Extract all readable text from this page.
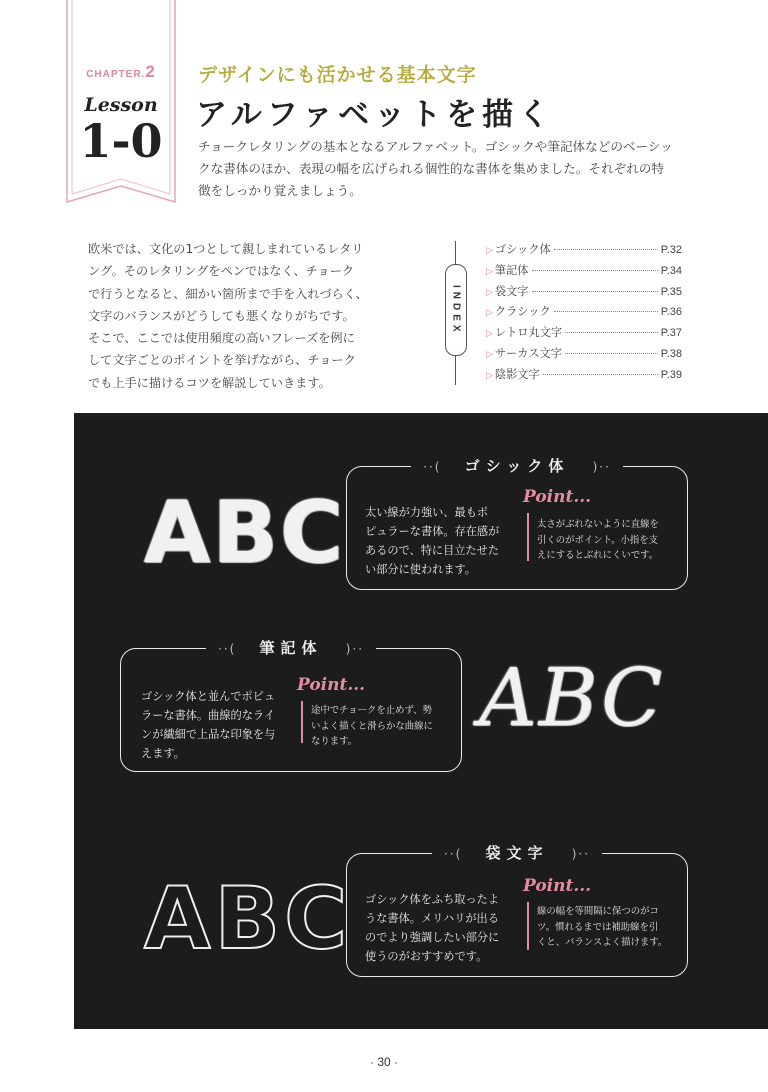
CHAPTER.2
Lesson
1-0
デザインにも活かせる基本文字
アルファベットを描く
チョークレタリングの基本となるアルファベット。ゴシックや筆記体などのベーシッ
クな書体のほか、表現の幅を広げられる個性的な書体を集めました。それぞれの特
徴をしっかり覚えましょう。
欧米では、文化の1つとして親しまれているレタリ
ング。そのレタリングをペンではなく、チョーク
で行うとなると、細かい箇所まで手を入れづらく、
文字のバランスがどうしても悪くなりがちです。
そこで、ここでは使用頻度の高いフレーズを例に
して文字ごとのポイントを挙げながら、チョーク
でも上手に描けるコツを解説していきます。
INDEX
▷ ゴシック体	P.32
▷ 筆記体	P.34
▷ 袋文字	P.35
▷ クラシック	P.36
▷ レトロ丸文字	P.37
▷ サーカス文字	P.38
▷ 陰影文字	P.39
ABC
··( ゴシック体 )··
太い線が力強い、最もポ
ピュラーな書体。存在感が
あるので、特に目立たせた
い部分に使われます。
Point...
太さがぶれないように直線を
引くのがポイント。小指を支
えにするとぶれにくいです。
··( 筆記体 )··
ゴシック体と並んでポピュ
ラーな書体。曲線的なライ
ンが繊細で上品な印象を与
えます。
Point...
途中でチョークを止めず、勢
いよく描くと滑らかな曲線に
なります。	ABC
ABC
··( 袋文字 )··
ゴシック体をふち取ったよ
うな書体。メリハリが出る
のでより強調したい部分に
使うのがおすすめです。
Point...
線の幅を等間隔に保つのがコ
ツ。慣れるまでは補助線を引
くと、バランスよく描けます。
· 30 ·
